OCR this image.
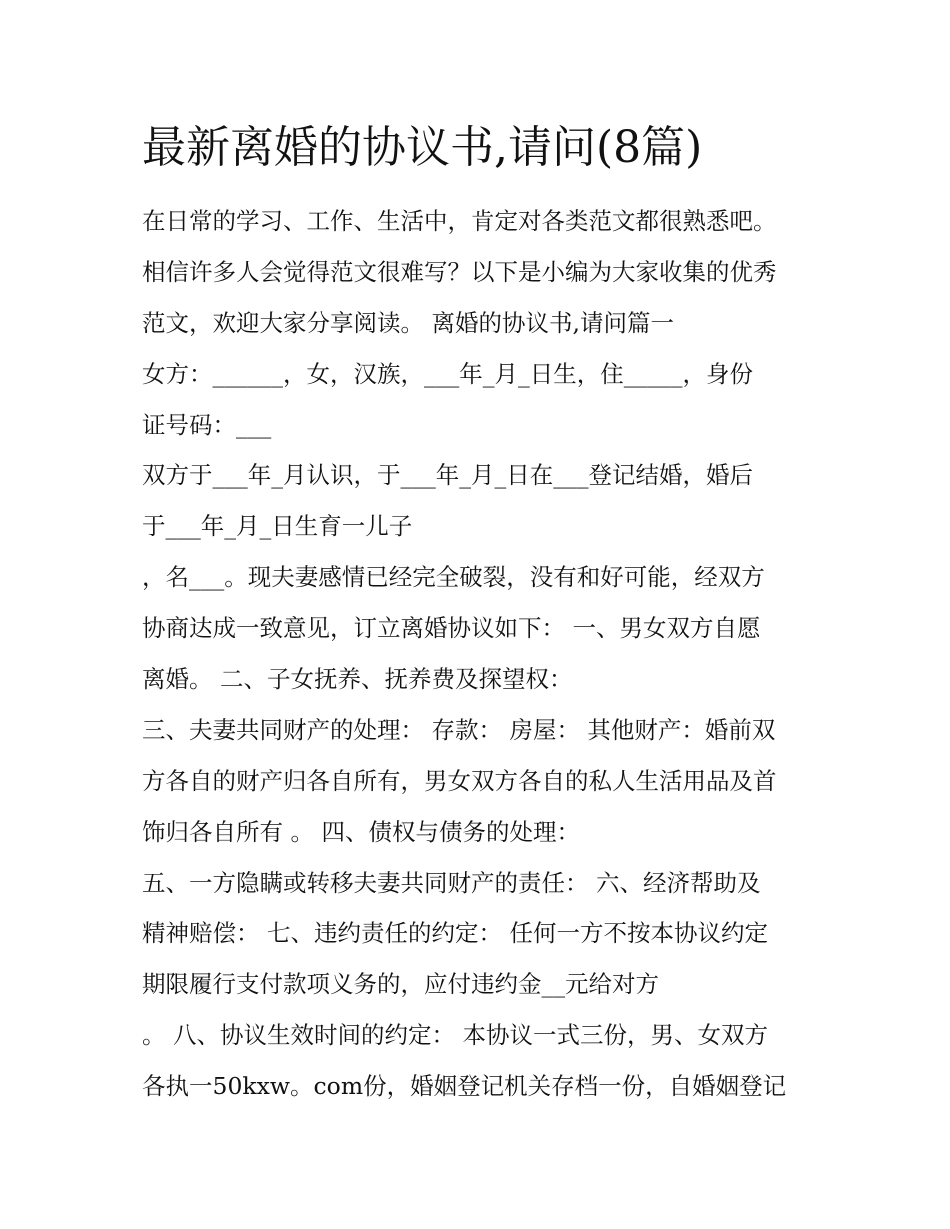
最新离婚的协议书,请问(8篇)
在日常的学习、工作、生活中，肯定对各类范文都很熟悉吧。
相信许多人会觉得范文很难写？以下是小编为大家收集的优秀
范文，欢迎大家分享阅读。 离婚的协议书,请问篇一
女方：______，女，汉族，___年_月_日生，住_____，身份
证号码：___
双方于___年_月认识，于___年_月_日在___登记结婚，婚后
于___年_月_日生育一儿子
，名___。现夫妻感情已经完全破裂，没有和好可能，经双方
协商达成一致意见，订立离婚协议如下： 一、男女双方自愿
离婚。 二、子女抚养、抚养费及探望权：
三、夫妻共同财产的处理： 存款： 房屋： 其他财产：婚前双
方各自的财产归各自所有，男女双方各自的私人生活用品及首
饰归各自所有 。 四、债权与债务的处理：
五、一方隐瞒或转移夫妻共同财产的责任： 六、经济帮助及
精神赔偿： 七、违约责任的约定： 任何一方不按本协议约定
期限履行支付款项义务的，应付违约金__元给对方
。 八、协议生效时间的约定： 本协议一式三份，男、女双方
各执一50kxw。com份，婚姻登记机关存档一份，自婚姻登记
